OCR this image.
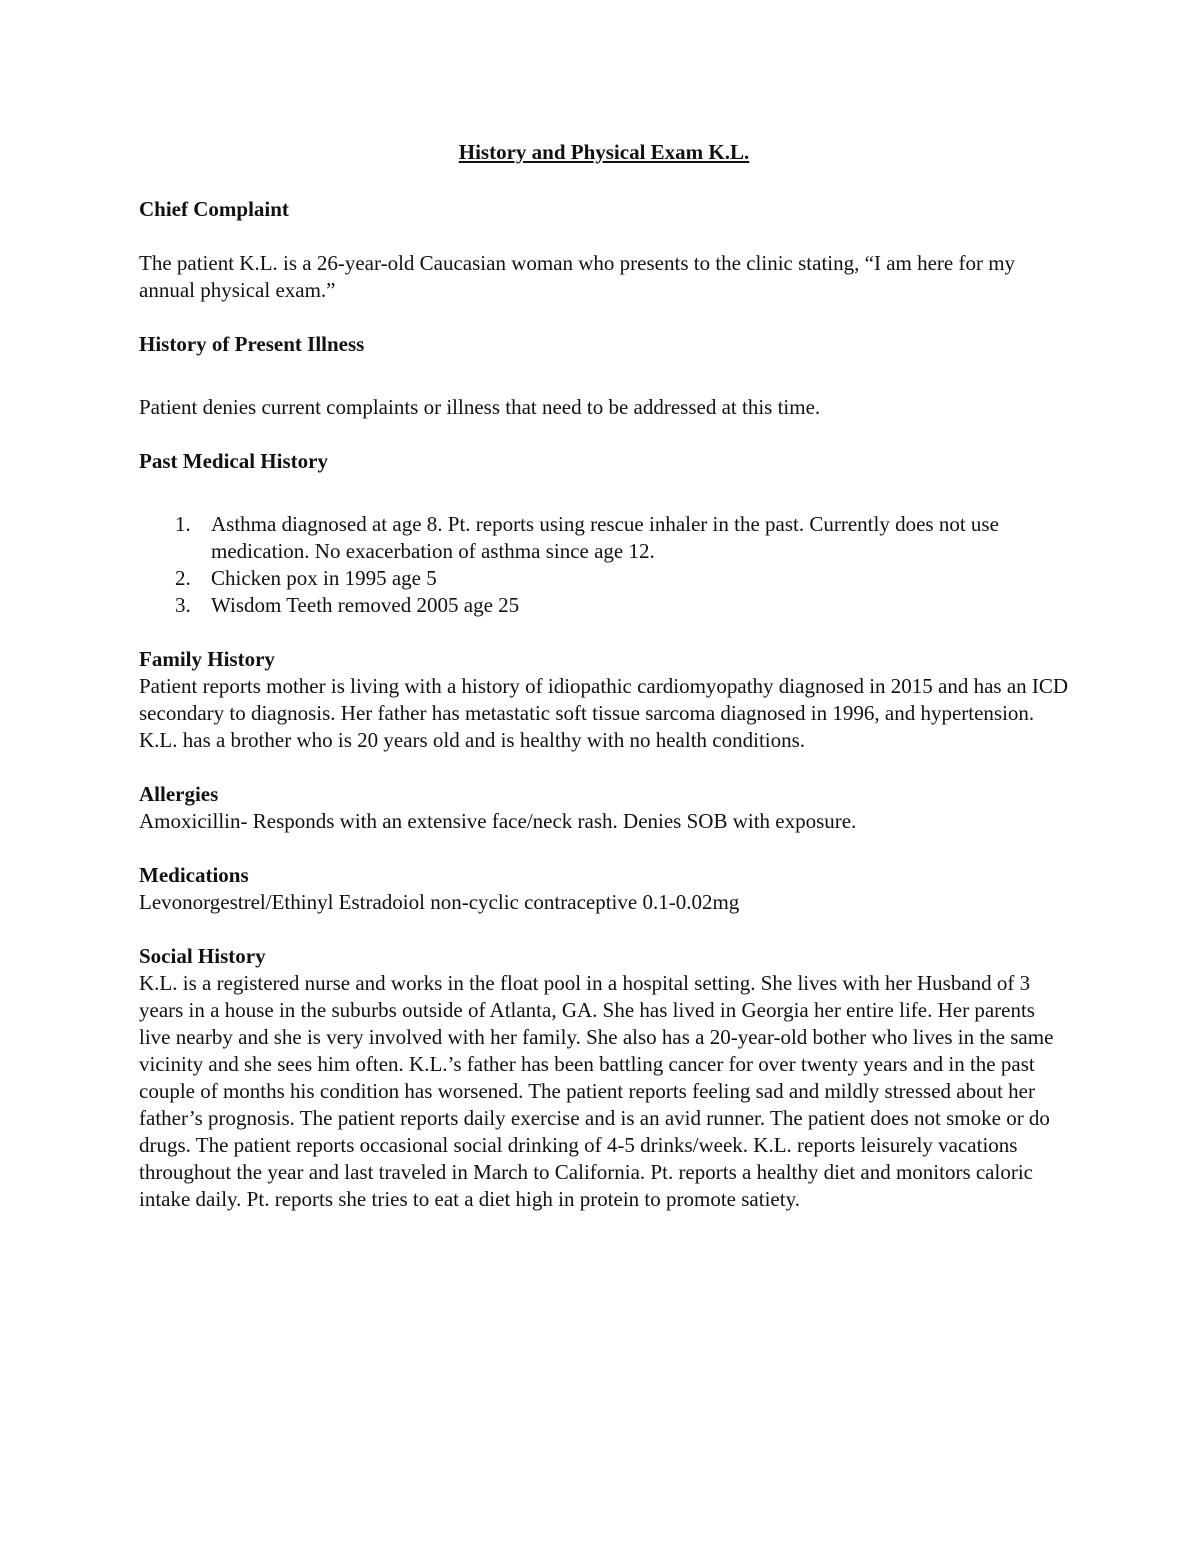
History and Physical Exam K.L.
Chief Complaint

The patient K.L. is a 26-year-old Caucasian woman who presents to the clinic stating, “I am here for my annual physical exam.”

History of Present Illness

Patient denies current complaints or illness that need to be addressed at this time.

Past Medical History
1. Asthma diagnosed at age 8. Pt. reports using rescue inhaler in the past. Currently does not use medication. No exacerbation of asthma since age 12.
2. Chicken pox in 1995 age 5
3. Wisdom Teeth removed 2005 age 25
Family History

Patient reports mother is living with a history of idiopathic cardiomyopathy diagnosed in 2015 and has an ICD secondary to diagnosis. Her father has metastatic soft tissue sarcoma diagnosed in 1996, and hypertension. K.L. has a brother who is 20 years old and is healthy with no health conditions.

Allergies

Amoxicillin- Responds with an extensive face/neck rash. Denies SOB with exposure.

Medications

Levonorgestrel/Ethinyl Estradoiol non-cyclic contraceptive 0.1-0.02mg

Social History

K.L. is a registered nurse and works in the float pool in a hospital setting. She lives with her Husband of 3 years in a house in the suburbs outside of Atlanta, GA. She has lived in Georgia her entire life. Her parents live nearby and she is very involved with her family. She also has a 20-year-old bother who lives in the same vicinity and she sees him often. K.L.’s father has been battling cancer for over twenty years and in the past couple of months his condition has worsened. The patient reports feeling sad and mildly stressed about her father’s prognosis. The patient reports daily exercise and is an avid runner. The patient does not smoke or do drugs. The patient reports occasional social drinking of 4-5 drinks/week. K.L. reports leisurely vacations throughout the year and last traveled in March to California. Pt. reports a healthy diet and monitors caloric intake daily. Pt. reports she tries to eat a diet high in protein to promote satiety.
